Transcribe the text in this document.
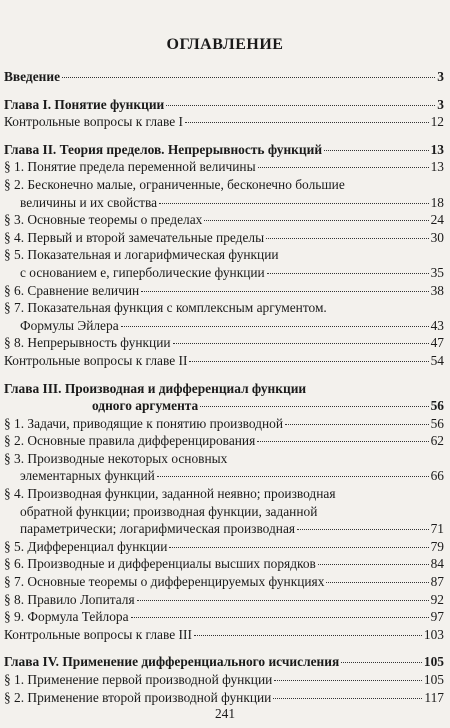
ОГЛАВЛЕНИЕ
Введение	3
Глава I. Понятие функции	3
Контрольные вопросы к главе I	12
Глава II. Теория пределов. Непрерывность функций	13
§ 1. Понятие предела переменной величины	13
§ 2. Бесконечно малые, ограниченные, бесконечно большие
величины и их свойства	18
§ 3. Основные теоремы о пределах	24
§ 4. Первый и второй замечательные пределы	30
§ 5. Показательная и логарифмическая функции
с основанием e, гиперболические функции	35
§ 6. Сравнение величин	38
§ 7. Показательная функция с комплексным аргументом.
Формулы Эйлера	43
§ 8. Непрерывность функции	47
Контрольные вопросы к главе II	54
Глава III. Производная и дифференциал функции
одного аргумента	56
§ 1. Задачи, приводящие к понятию производной	56
§ 2. Основные правила дифференцирования	62
§ 3. Производные некоторых основных
элементарных функций	66
§ 4. Производная функции, заданной неявно; производная
обратной функции; производная функции, заданной
параметрически; логарифмическая производная	71
§ 5. Дифференциал функции	79
§ 6. Производные и дифференциалы высших порядков	84
§ 7. Основные теоремы о дифференцируемых функциях	87
§ 8. Правило Лопиталя	92
§ 9. Формула Тейлора	97
Контрольные вопросы к главе III	103
Глава IV. Применение дифференциального исчисления	105
§ 1. Применение первой производной функции	105
§ 2. Применение второй производной функции	117
241
